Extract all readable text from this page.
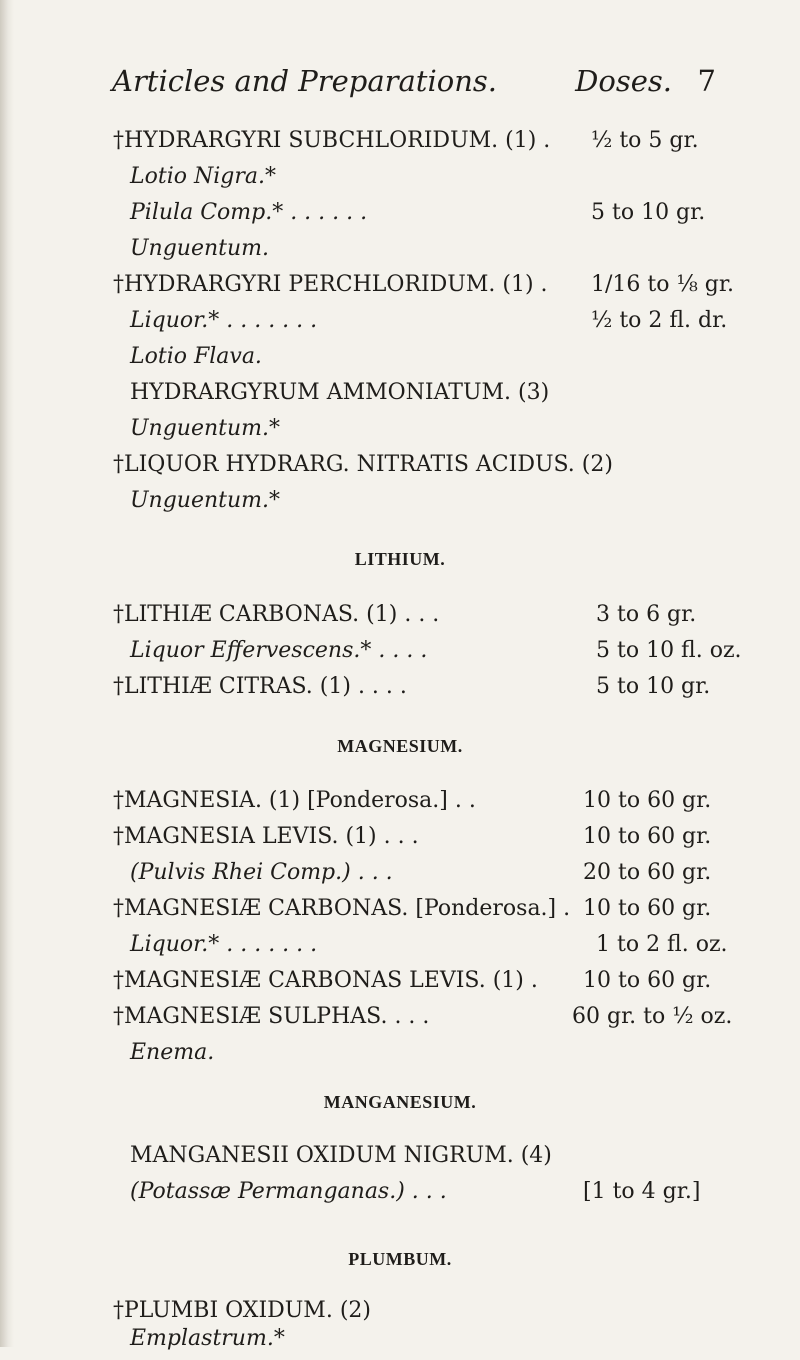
Articles and Preparations.	Doses. 7
†HYDRARGYRI SUBCHLORIDUM. (1) . ½ to 5 gr.
Lotio Nigra.*
Pilula Comp.* . . . . . .	5 to 10 gr.
Unguentum.
†HYDRARGYRI PERCHLORIDUM. (1) . 1/16 to ⅛ gr.
Liquor.* . . . . . . .	½ to 2 fl. dr.
Lotio Flava.
HYDRARGYRUM AMMONIATUM. (3)
Unguentum.*
†LIQUOR HYDRARG. NITRATIS ACIDUS. (2)
Unguentum.*
LITHIUM.
†LITHIÆ CARBONAS. (1) . . .	3 to 6 gr.
Liquor Effervescens.* . . . .	5 to 10 fl. oz.
†LITHIÆ CITRAS. (1) . . . .	5 to 10 gr.
MAGNESIUM.
†MAGNESIA. (1) [Ponderosa.] . .	10 to 60 gr.
†MAGNESIA LEVIS. (1) . . .	10 to 60 gr.
(Pulvis Rhei Comp.) . . .	20 to 60 gr.
†MAGNESIÆ CARBONAS. [Ponderosa.] . 10 to 60 gr.
Liquor.* . . . . . . .	1 to 2 fl. oz.
†MAGNESIÆ CARBONAS LEVIS. (1) . 10 to 60 gr.
†MAGNESIÆ SULPHAS. . . .	60 gr. to ½ oz.
Enema.
MANGANESIUM.
MANGANESII OXIDUM NIGRUM. (4)
(Potassæ Permanganas.) . . .	[1 to 4 gr.]
PLUMBUM.
†PLUMBI OXIDUM. (2)
Emplastrum.*
